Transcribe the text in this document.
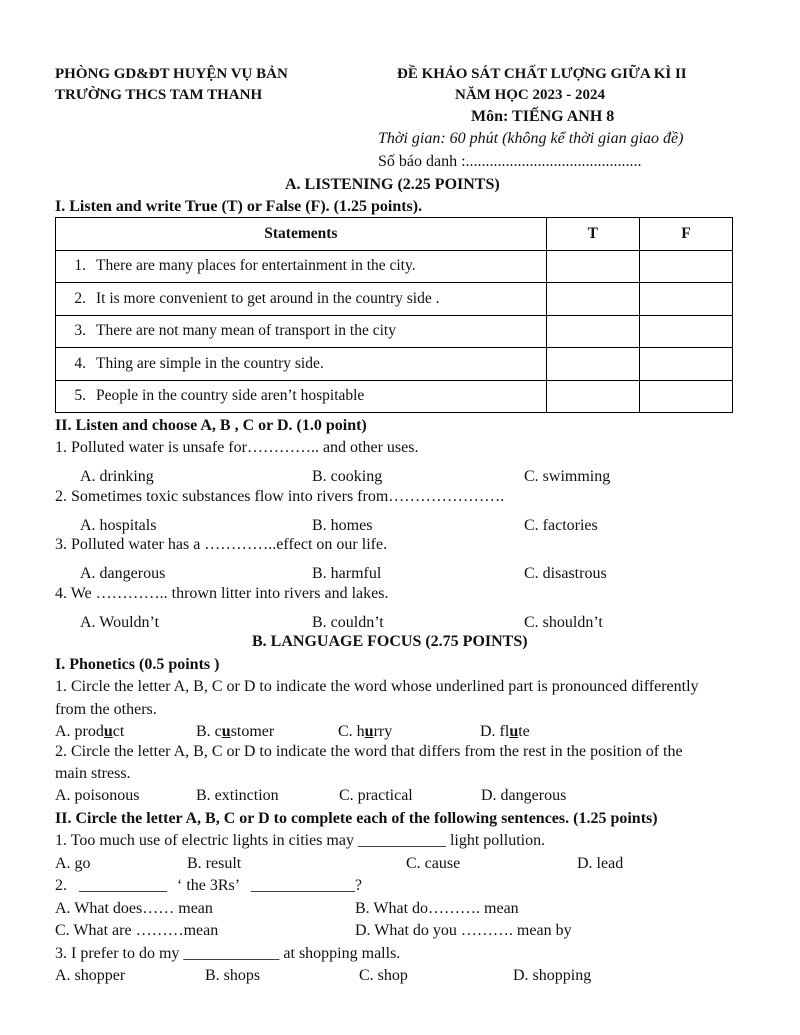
PHÒNG GD&ĐT HUYỆN VỤ BẢN
TRƯỜNG THCS TAM THANH
ĐỀ KHẢO SÁT CHẤT LƯỢNG GIỮA KÌ II
NĂM HỌC 2023 - 2024
Môn: TIẾNG ANH 8
Thời gian: 60 phút (không kể thời gian giao đề)
Số báo danh :............................................
A. LISTENING (2.25 POINTS)
I. Listen and write True (T) or False (F). (1.25 points).
Statements	T	F
1. There are many places for entertainment in the city.		
2. It is more convenient to get around in the country side .		
3. There are not many mean of transport in the city		
4. Thing are simple in the country side.		
5. People in the country side aren’t hospitable		
II. Listen and choose A, B , C or D. (1.0 point)
1. Polluted water is unsafe for………….. and other uses.
A. drinking	B. cooking	C. swimming
2. Sometimes toxic substances flow into rivers from………………….
A. hospitals	B. homes	C. factories
3. Polluted water has a …………..effect on our life.
A. dangerous	B. harmful	C. disastrous
4. We ………….. thrown litter into rivers and lakes.
A. Wouldn’t	B. couldn’t	C. shouldn’t
B. LANGUAGE FOCUS (2.75 POINTS)
I. Phonetics (0.5 points )
1. Circle the letter A, B, C or D to indicate the word whose underlined part is pronounced differently
from the others.
A. product	B. customer	C. hurry	D. flute
2. Circle the letter A, B, C or D to indicate the word that differs from the rest in the position of the
main stress.
A. poisonous	B. extinction	C. practical	D. dangerous
II. Circle the letter A, B, C or D to complete each of the following sentences. (1.25 points)
1. Too much use of electric lights in cities may ___________ light pollution.
A. go	B. result	C. cause	D. lead
2. ___________ ‘ the 3Rs’ _____________?
A. What does…… mean	B. What do………. mean
C. What are ………mean	D. What do you ………. mean by
3. I prefer to do my ____________ at shopping malls.
A. shopper	B. shops	C. shop	D. shopping
